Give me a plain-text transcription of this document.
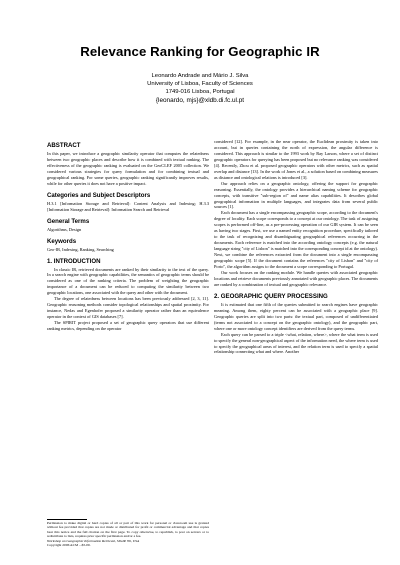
Relevance Ranking for Geographic IR
Leonardo Andrade and Mário J. Silva
University of Lisboa, Faculty of Sciences
1749-016 Lisboa, Portugal
{leonardo, mjs}@xldb.di.fc.ul.pt
ABSTRACT

In this paper, we introduce a geographic similarity operator that computes the relatedness between two geographic places and describe how it is combined with textual ranking. The effectiveness of the geographic ranking is evaluated on the GeoCLEF 2005 collection. We considered various strategies for query formulation and for combining textual and geographical ranking. For some queries, geographic ranking significantly improves results, while for other queries it does not have a positive impact.

Categories and Subject Descriptors

H.3.1 [Information Storage and Retrieval]: Content Analysis and Indexing; H.3.3 [Information Storage and Retrieval]: Information Search and Retrieval

General Terms

Algorithms, Design

Keywords

Geo-IR, Indexing, Ranking, Searching

1. INTRODUCTION

In classic IR, retrieved documents are ranked by their similarity to the text of the query. In a search engine with geographic capabilities, the semantics of geographic terms should be considered as one of the ranking criteria. The problem of weighting the geographic importance of a document can be reduced to computing the similarity between two geographic locations, one associated with the query and other with the document.

The degree of relatedness between locations has been previously addressed [2, 3, 11]. Geographic reasoning methods consider topological relationships and spatial proximity. For instance, Nedas and Egenhofer proposed a similarity operator rather than an equivalence operator in the context of GIS databases [7].

The SPIRIT project proposed a set of geographic query operators that use different ranking metrics, depending on the operator

Permission to make digital or hard copies of all or part of this work for personal or classroom use is granted without fee provided that copies are not made or distributed for profit or commercial advantage and that copies bear this notice and the full citation on the first page. To copy otherwise, to republish, to post on servers or to redistribute to lists, requires prior specific permission and/or a fee.
Workshop on Geographic Information Retrieval, SIGIR '06, USA
Copyright 2006 ACM ...$5.00.

considered [12]. For example, in the near operator, the Euclidean proximity is taken into account, but in queries containing the north of expression, the angular difference is considered. This approach is similar to the 1993 work by Ray Larson, where a set of distinct geographic operators for querying has been proposed but no relevance ranking was considered [4]. Recently, Zhou et al. proposed geographic operators with other metrics, such as spatial overlap and distance [13]. In the work of Jones et al., a solution based on combining measures as distance and ontological relations is introduced [3].

Our approach relies on a geographic ontology, offering the support for geographic reasoning. Essentially, the ontology provides a hierarchical naming scheme for geographic concepts, with transitive "sub-region of" and name alias capabilities. It describes global geographical information in multiple languages, and integrates data from several public sources [1].

Each document has a single encompassing geographic scope, according to the document's degree of locality. Each scope corresponds to a concept at our ontology. The task of assigning scopes is performed off-line, as a pre-processing operation of our GIR system. It can be seen as having two stages. First, we use a named entity recognition procedure, specifically tailored to the task of recognizing and disambiguating geographical references occurring in the documents. Each reference is matched into the according ontology concepts (e.g. the natural language string "city of Lisbon" is matched into the corresponding concept id at the ontology). Next, we combine the references extracted from the document into a single encompassing geographic scope [5]. If the document contains the references "city of Lisbon" and "city of Porto", the algorithm assigns to the document a scope corresponding to Portugal.

Our work focuses on the ranking module. We handle queries with associated geographic locations and retrieve documents previously annotated with geographic places. The documents are ranked by a combination of textual and geographic relevance.

2. GEOGRAPHIC QUERY PROCESSING

It is estimated that one fifth of the queries submitted to search engines have geographic meaning. Among them, eighty percent can be associated with a geographic place [9]. Geographic queries are split into two parts: the textual part, composed of undifferentiated (terms not associated to a concept on the geographic ontology), and the geographic part, where one or more ontology concept identifiers are derived from the query terms.

Each query can be parsed to a triple <what, relation, where>, where the what term is used to specify the general non-geographical aspect of the information need, the where term is used to specify the geographical areas of interest, and the relation term is used to specify a spatial relationship connecting what and where. Another
